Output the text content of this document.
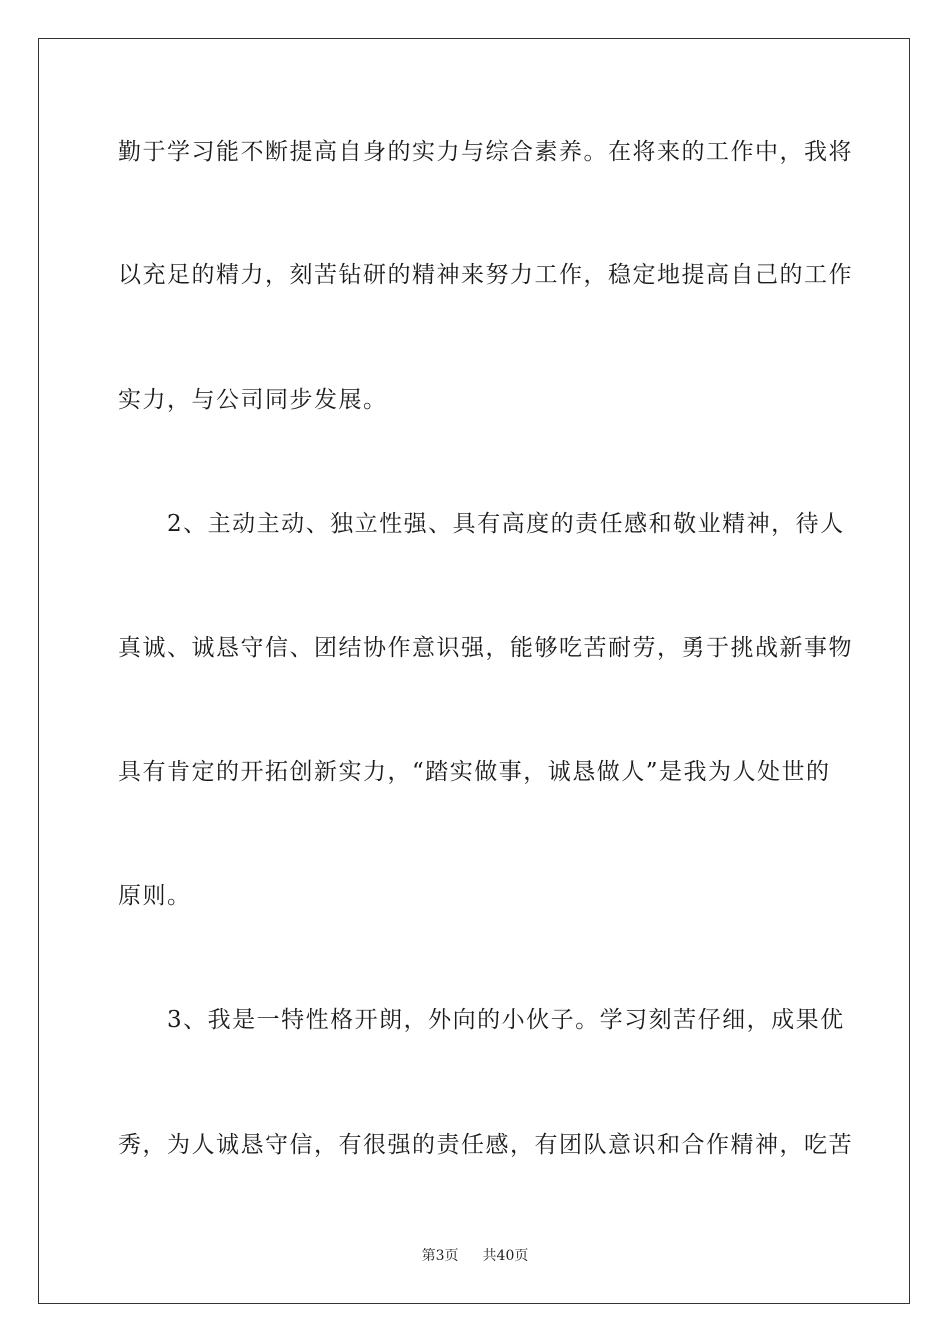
勤于学习能不断提高自身的实力与综合素养。在将来的工作中，我将
以充足的精力，刻苦钻研的精神来努力工作，稳定地提高自己的工作
实力，与公司同步发展。
　　2、主动主动、独立性强、具有高度的责任感和敬业精神，待人
真诚、诚恳守信、团结协作意识强，能够吃苦耐劳，勇于挑战新事物
具有肯定的开拓创新实力，“踏实做事，诚恳做人”是我为人处世的
原则。
　　3、我是一特性格开朗，外向的小伙子。学习刻苦仔细，成果优
秀，为人诚恳守信，有很强的责任感，有团队意识和合作精神，吃苦
第3页 共40页
